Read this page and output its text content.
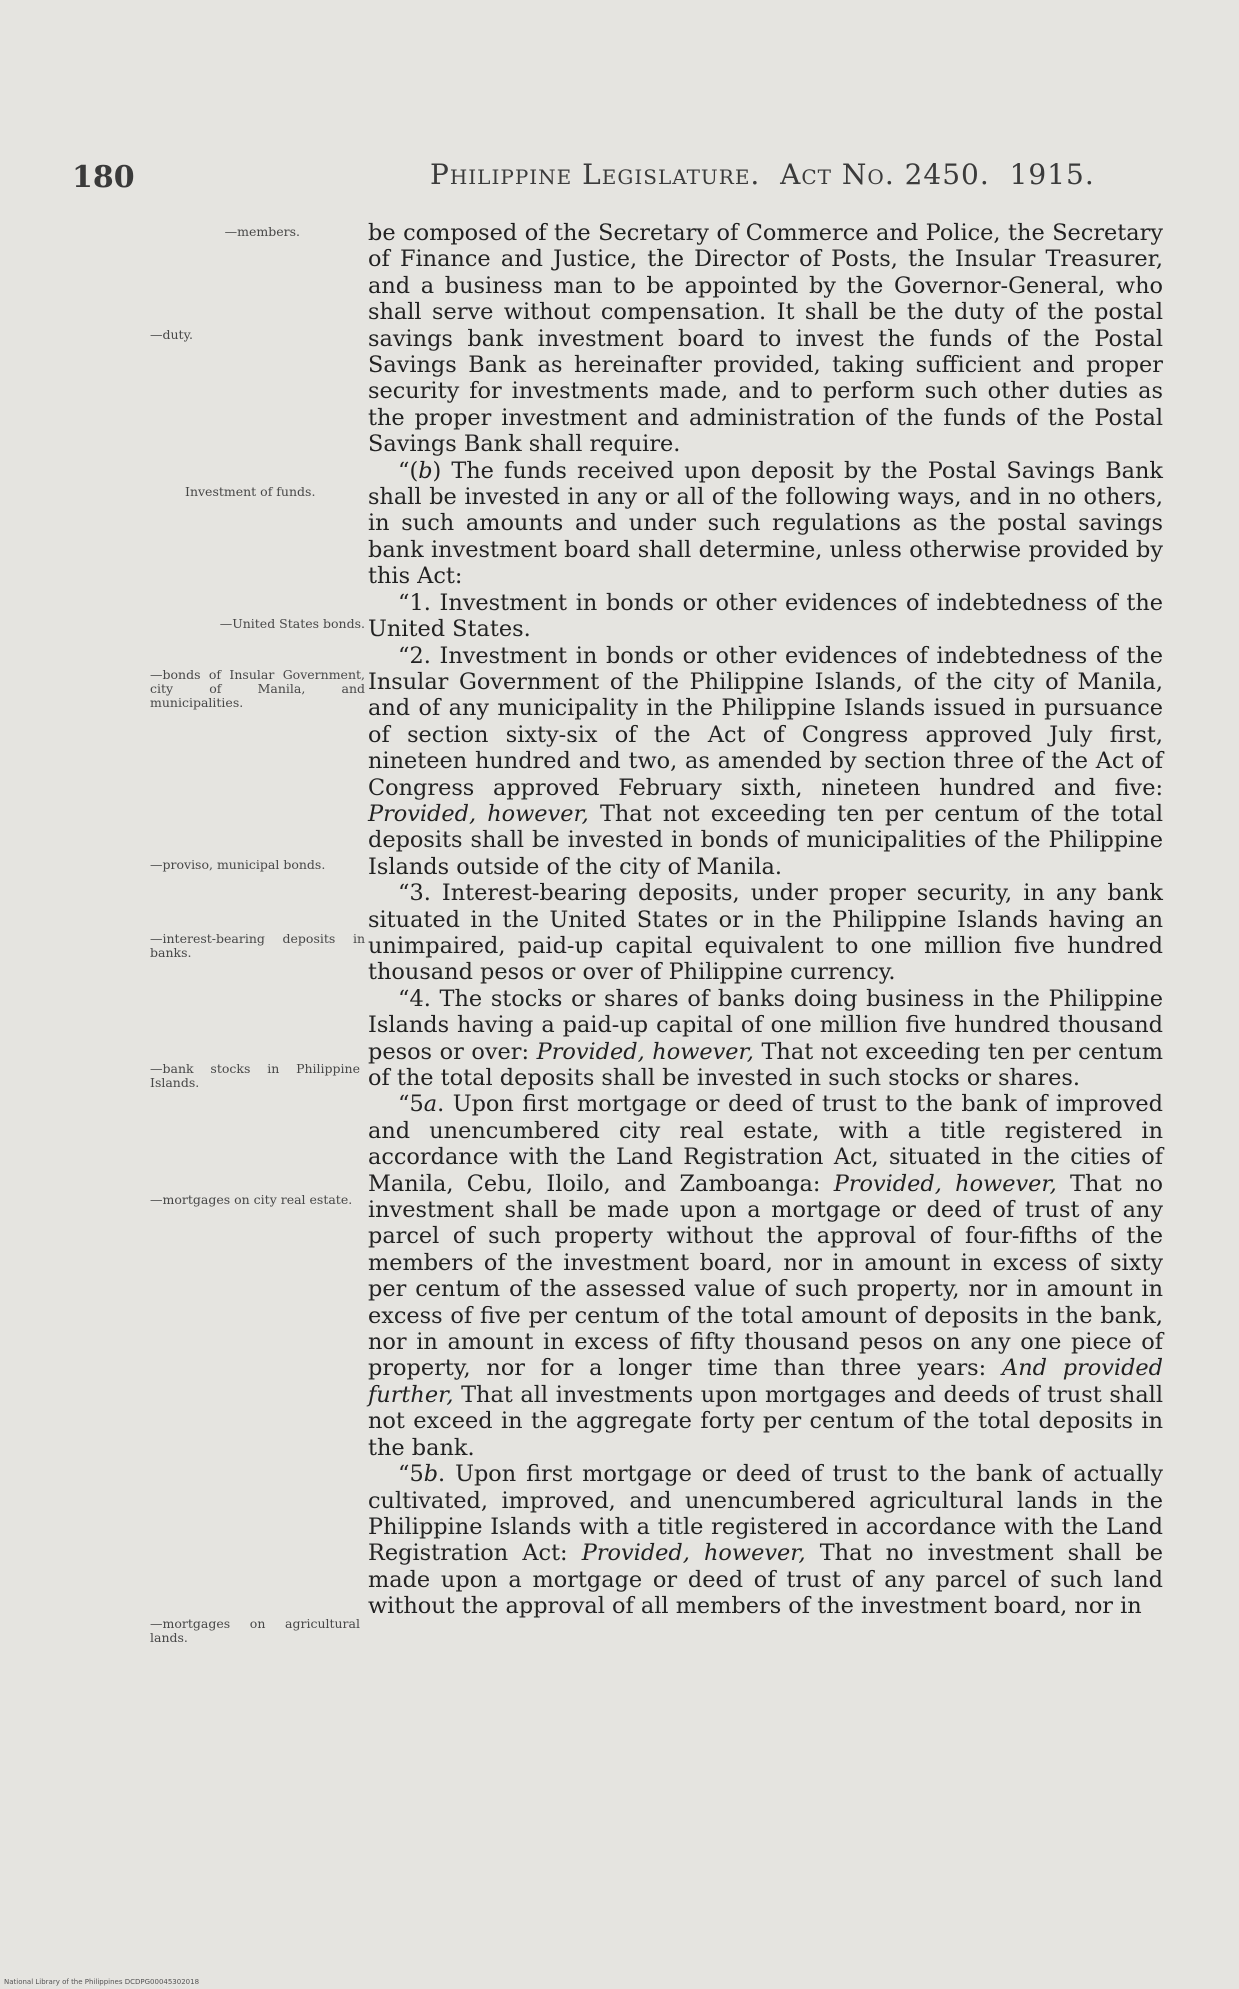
180	Philippine Legislature. Act No. 2450. 1915.
—members.
—duty.
Investment of funds.
—United States bonds.
—bonds of Insular Government, city of Manila, and municipalities.
—proviso, municipal bonds.
—interest-bearing deposits in banks.
—bank stocks in Philippine Islands.
—mortgages on city real estate.
—mortgages on agricultural lands.

be composed of the Secretary of Commerce and Police, the Secretary of Finance and Justice, the Director of Posts, the Insular Treasurer, and a business man to be appointed by the Governor-General, who shall serve without compensation. It shall be the duty of the postal savings bank investment board to invest the funds of the Postal Savings Bank as hereinafter provided, taking sufficient and proper security for investments made, and to perform such other duties as the proper investment and administration of the funds of the Postal Savings Bank shall require.

“(b) The funds received upon deposit by the Postal Savings Bank shall be invested in any or all of the following ways, and in no others, in such amounts and under such regulations as the postal savings bank investment board shall determine, unless otherwise provided by this Act:

“1. Investment in bonds or other evidences of indebtedness of the United States.

“2. Investment in bonds or other evidences of indebtedness of the Insular Government of the Philippine Islands, of the city of Manila, and of any municipality in the Philippine Islands issued in pursuance of section sixty-six of the Act of Congress approved July first, nineteen hundred and two, as amended by section three of the Act of Congress approved February sixth, nineteen hundred and five: Provided, however, That not exceeding ten per centum of the total deposits shall be invested in bonds of municipalities of the Philippine Islands outside of the city of Manila.

“3. Interest-bearing deposits, under proper security, in any bank situated in the United States or in the Philippine Islands having an unimpaired, paid-up capital equivalent to one million five hundred thousand pesos or over of Philippine currency.

“4. The stocks or shares of banks doing business in the Philippine Islands having a paid-up capital of one million five hundred thousand pesos or over: Provided, however, That not exceeding ten per centum of the total deposits shall be invested in such stocks or shares.

“5a. Upon first mortgage or deed of trust to the bank of improved and unencumbered city real estate, with a title registered in accordance with the Land Registration Act, situated in the cities of Manila, Cebu, Iloilo, and Zamboanga: Provided, however, That no investment shall be made upon a mortgage or deed of trust of any parcel of such property without the approval of four-fifths of the members of the investment board, nor in amount in excess of sixty per centum of the assessed value of such property, nor in amount in excess of five per centum of the total amount of deposits in the bank, nor in amount in excess of fifty thousand pesos on any one piece of property, nor for a longer time than three years: And provided further, That all investments upon mortgages and deeds of trust shall not exceed in the aggregate forty per centum of the total deposits in the bank.

“5b. Upon first mortgage or deed of trust to the bank of actually cultivated, improved, and unencumbered agricultural lands in the Philippine Islands with a title registered in accordance with the Land Registration Act: Provided, however, That no investment shall be made upon a mortgage or deed of trust of any parcel of such land without the approval of all members of the investment board, nor in

National Library of the Philippines DCDPG00045302018
